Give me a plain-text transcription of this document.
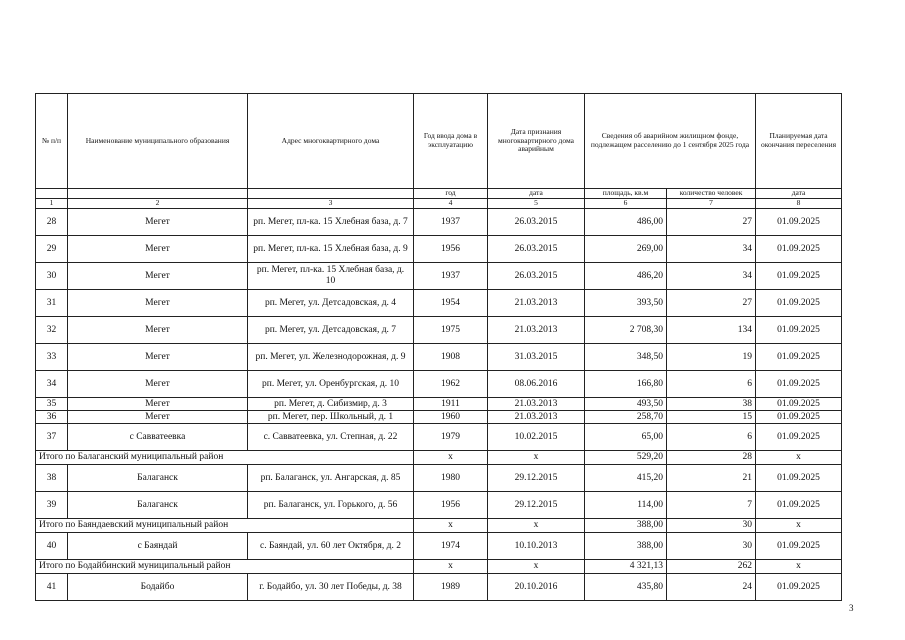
№ п/п	Наименование муниципального образования	Адрес многоквартирного дома	Год ввода дома в эксплуатацию	Дата признания многоквартирного дома аварийным	Сведения об аварийном жилищном фонде, подлежащем расселению до 1 сентября 2025 года		Планируемая дата окончания переселения
			год	дата	площадь, кв.м	количество человек	дата
1	2	3	4	5	6	7	8
28	Мегет	рп. Мегет, пл-ка. 15 Хлебная база, д. 7	1937	26.03.2015	486,00	27	01.09.2025
29	Мегет	рп. Мегет, пл-ка. 15 Хлебная база, д. 9	1956	26.03.2015	269,00	34	01.09.2025
30	Мегет	рп. Мегет, пл-ка. 15 Хлебная база, д. 10	1937	26.03.2015	486,20	34	01.09.2025
31	Мегет	рп. Мегет, ул. Детсадовская, д. 4	1954	21.03.2013	393,50	27	01.09.2025
32	Мегет	рп. Мегет, ул. Детсадовская, д. 7	1975	21.03.2013	2 708,30	134	01.09.2025
33	Мегет	рп. Мегет, ул. Железнодорожная, д. 9	1908	31.03.2015	348,50	19	01.09.2025
34	Мегет	рп. Мегет, ул. Оренбургская, д. 10	1962	08.06.2016	166,80	6	01.09.2025
35	Мегет	рп. Мегет, д. Сибизмир, д. 3	1911	21.03.2013	493,50	38	01.09.2025
36	Мегет	рп. Мегет, пер. Школьный, д. 1	1960	21.03.2013	258,70	15	01.09.2025
37	с Савватеевка	с. Савватеевка, ул. Степная, д. 22	1979	10.02.2015	65,00	6	01.09.2025
Итого по Балаганский муниципальный район			х	х	529,20	28	х
38	Балаганск	рп. Балаганск, ул. Ангарская, д. 85	1980	29.12.2015	415,20	21	01.09.2025
39	Балаганск	рп. Балаганск, ул. Горького, д. 56	1956	29.12.2015	114,00	7	01.09.2025
Итого по Баяндаевский муниципальный район			х	х	388,00	30	х
40	с Баяндай	с. Баяндай, ул. 60 лет Октября, д. 2	1974	10.10.2013	388,00	30	01.09.2025
Итого по Бодайбинский муниципальный район			х	х	4 321,13	262	х
41	Бодайбо	г. Бодайбо, ул. 30 лет Победы, д. 38	1989	20.10.2016	435,80	24	01.09.2025
3
